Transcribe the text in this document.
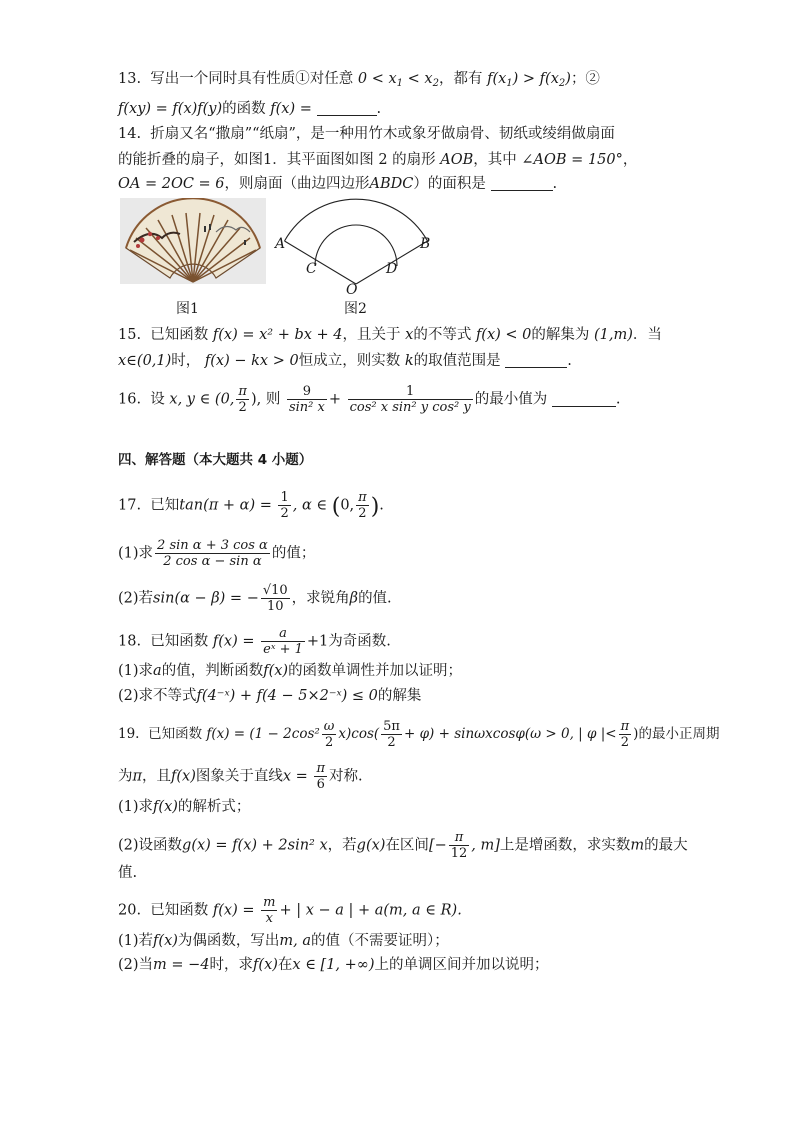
13. 写出一个同时具有性质①对任意 $0 < x_1 < x_2$，都有 $f(x_1) > f(x_2)$；②
f(xy) = f(x)f(y)的函数 f(x) =	.
14. 折扇又名“撒扇”“纸扇”，是一种用竹木或象牙做扇骨、韧纸或绫绢做扇面
的能折叠的扇子，如图1．其平面图如图 2 的扇形 AOB，其中 ∠AOB = 150°，
OA = 2OC = 6，则扇面（曲边四边形ABDC）的面积是	.
图1
A	B
C	D
O
图2
15. 已知函数 f(x) = x² + bx + 4，且关于 x的不等式 f(x) < 0的解集为 (1,m)．当
x∈(0,1)时， f(x) − kx > 0恒成立，则实数 k的取值范围是	.
16. 设 x, y ∈ (0, $\frac{\pi}{2}$ ), 则 $\frac{9}{\text{sin² x}} + \frac{1}{\text{cos² x sin² y cos² y}}$ 的最小值为	.
四、解答题（本大题共 4 小题）
17. 已知$\tan(\pi + \alpha) = \frac{1}{2}$ , α ∈ (0, $\frac{\pi}{2}$ ).
(1)求 $\frac{\text{2 sin α + 3 cos α}}{\text{2 cos α − sin α}}$ 的值；
(2)若sin(α − β) = − $\frac{√10}{10}$ ，求锐角β的值.
18. 已知函数 $f(x) = \frac{a}{\text{eˣ + 1}} +1$为奇函数.
(1)求a的值，判断函数f(x)的函数单调性并加以证明；
(2)求不等式f(4⁻ˣ) + f(4 − 5×2⁻ˣ) ≤ 0的解集
19. 已知函数 $f(x) = (1 - 2\cos^2 \frac{\omega}{2} x)\cos( \frac{5\pi}{2} + \varphi) + \sin\omega xcos\varphi(\omega > 0$, | φ |< $\frac{\pi}{2}$ )的最小正周期
为π，且f(x)图象关于直线$x = \frac{\pi}{6}$ 对称.
(1)求f(x)的解析式；
(2)设函数g(x) = f(x) + 2sin² x，若g(x)在区间[− $\frac{\pi}{12}$ , m]上是增函数，求实数m的最大
值.
20. 已知函数 $f(x) = \frac{m}{x}$ + | x − a | + a(m, a ∈ R).
(1)若f(x)为偶函数，写出m, a的值（不需要证明）；
(2)当m = −4时，求f(x)在x ∈ [1, +∞)上的单调区间并加以说明；
